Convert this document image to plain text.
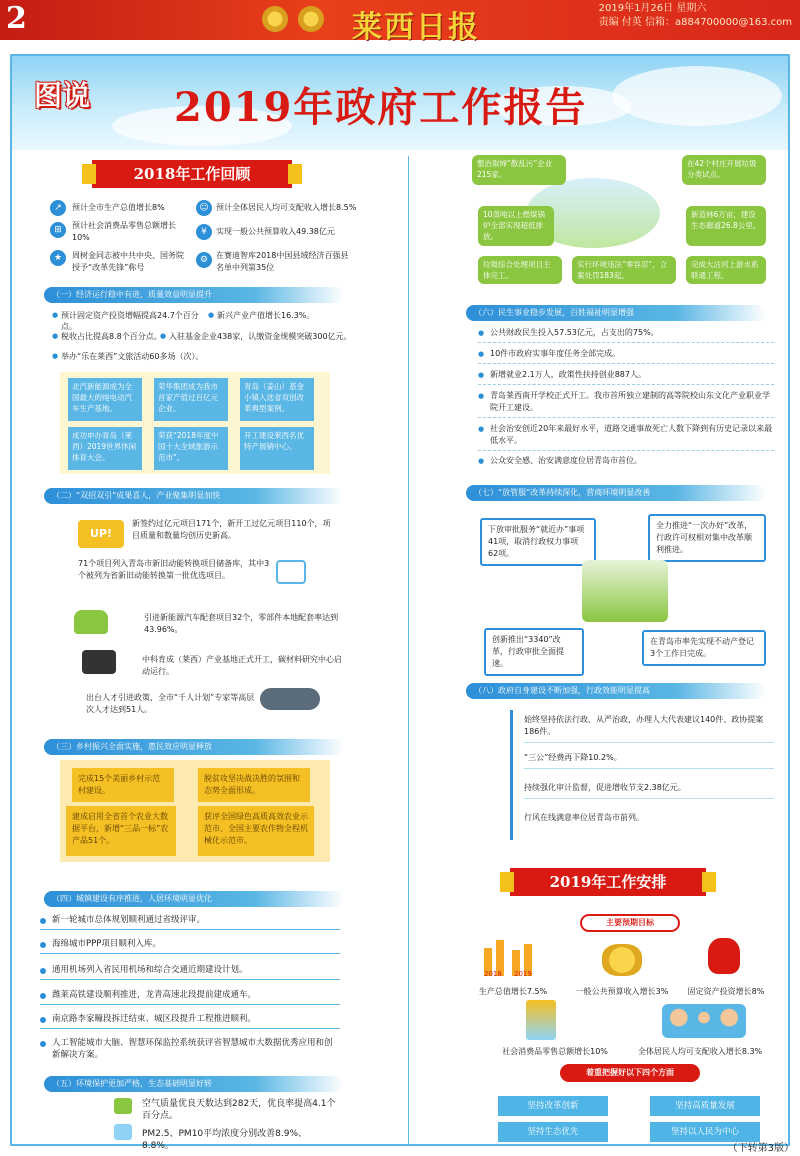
2	莱西日报
2019年1月26日 星期六
责编 付英 信箱：a884700000@163.com
图说 2019年政府工作报告
2018年工作回顾
↗	预计全市生产总值增长8%	☺ 预计全体居民人均可支配收入增长8.5%
⊞	预计社会消费品零售总额增长10%
¥	实现一般公共预算收入49.38亿元
★	周树金同志被中共中央、国务院授予“改革先锋”称号
⚙ 在赛迪智库2018中国县域经济百强县名单中列第35位
（一）经济运行稳中有进，质量效益明显提升
● 预计固定资产投资增幅提高24.7个百分点。
● 新兴产业产值增长16.3%。
● 税收占比提高8.8个百分点。
● 入驻基金企业438家，认缴资金规模突破300亿元。
● 举办“乐在莱西”文旅活动60多场（次）。
北汽新能源成为全国最大的纯电动汽车生产基地。
荣华集团成为我市首家产值过百亿元企业。
青岛（姜山）基金小镇入选省双创改革典型案例。
成功申办青岛（莱西）2019世界休闲体育大会。
荣获“2018年度中国十大全域旅游示范市”。
开工建设莱西名优特产展销中心。
（二）“双招双引”成果喜人，产业聚集明显加快
UP!
新签约过亿元项目171个，新开工过亿元项目110个，项目质量和数量均创历史新高。
71个项目列入青岛市新旧动能转换项目储备库，其中3个被列为省新旧动能转换第一批优选项目。
引进新能源汽车配套项目32个，零部件本地配套率达到43.96%。
中科育成（莱西）产业基地正式开工，碳材料研究中心启动运行。
出台人才引进政策，全市“千人计划”专家等高层次人才达到51人。
（三）乡村振兴全面实施，惠民效应明显释放
完成15个美丽乡村示范村建设。
脱贫攻坚决战决胜的氛围和态势全面形成。
建成启用全省首个农业大数据平台，新增“三品一标”农产品51个。
获评全国绿色高质高效农业示范市、全国主要农作物全程机械化示范市。
（四）城镇建设有序推进，人居环境明显优化
新一轮城市总体规划顺利通过省级评审。
海绵城市PPP项目顺利入库。
通用机场列入省民用机场和综合交通近期建设计划。
潍莱高铁建设顺利推进，龙青高速北段提前建成通车。
南京路李家疃段拆迁结束、城区段提升工程推进顺利。
人工智能城市大脑、智慧环保监控系统获评省智慧城市大数据优秀应用和创新解决方案。
（五）环境保护更加严格，生态基础明显好转
空气质量优良天数达到282天，优良率提高4.1个百分点。
PM2.5、PM10平均浓度分别改善8.9%、8.8%。
整治取缔“散乱污”企业215家。
在42个村庄开展垃圾分类试点。
10蒸吨以上燃煤锅炉全部实现超低排放。
新造林6万亩，建设生态廊道26.8公里。
垃圾综合处理项目主体完工。
实行环境违法“零容忍”，立案处罚183起。
完成大沽河上游水系联通工程。
（六）民生事业稳步发展，百姓福祉明显增强
● 公共财政民生投入57.53亿元，占支出的75%。
● 10件市政府实事年度任务全部完成。
● 新增就业2.1万人，政策性扶持创业887人。
● 青岛莱西南开学校正式开工。我市首所独立建制的高等院校山东文化产业职业学院开工建设。
● 社会治安创近20年来最好水平，道路交通事故死亡人数下降到有历史记录以来最低水平。
● 公众安全感、治安满意度位居青岛市首位。
（七）“放管服”改革持续深化，营商环境明显改善
下放审批服务“就近办”事项41项，取消行政权力事项62项。
全力推进“一次办好”改革，行政许可权相对集中改革顺利推进。
创新推出“3340”改革，行政审批全面提速。
在青岛市率先实现不动产登记3个工作日完成。
（八）政府自身建设不断加强，行政效能明显提高
始终坚持依法行政、从严治政，办理人大代表建议140件、政协提案186件。
“三公”经费再下降10.2%。
持续强化审计监督，促进增收节支2.38亿元。
行风在线满意率位居青岛市前列。
2019年工作安排
主要预期目标
2018 2019
生产总值增长7.5%	一般公共预算收入增长3%	固定资产投资增长8%
社会消费品零售总额增长10%	全体居民人均可支配收入增长8.3%
着重把握好以下四个方面
坚持改革创新	坚持高质量发展
坚持生态优先	坚持以人民为中心
（下转第3版）
